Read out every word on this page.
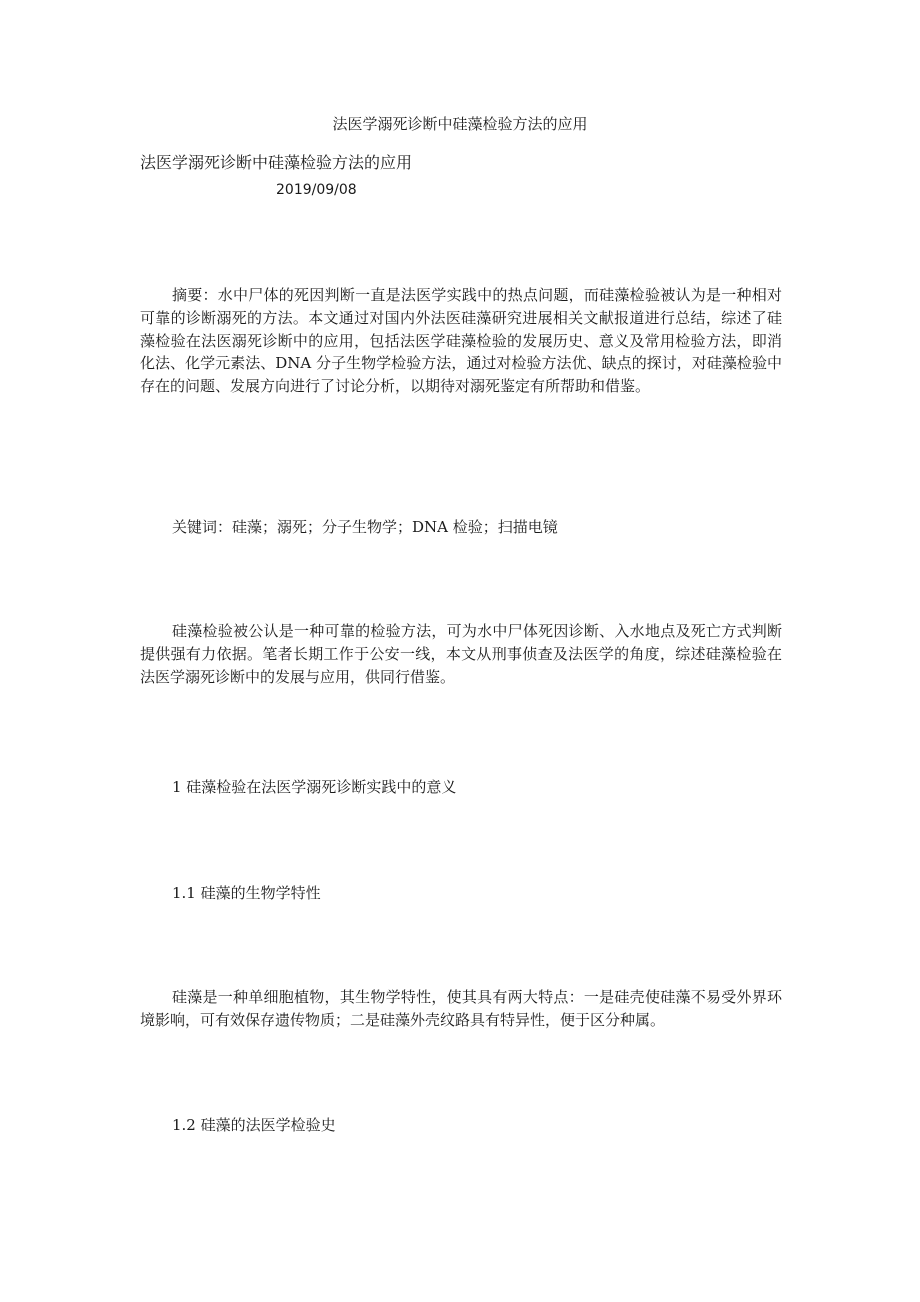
法医学溺死诊断中硅藻检验方法的应用
法医学溺死诊断中硅藻检验方法的应用
2019/09/08

摘要：水中尸体的死因判断一直是法医学实践中的热点问题，而硅藻检验被认为是一种相对可靠的诊断溺死的方法。本文通过对国内外法医硅藻研究进展相关文献报道进行总结，综述了硅藻检验在法医溺死诊断中的应用，包括法医学硅藻检验的发展历史、意义及常用检验方法，即消化法、化学元素法、DNA 分子生物学检验方法，通过对检验方法优、缺点的探讨，对硅藻检验中存在的问题、发展方向进行了讨论分析，以期待对溺死鉴定有所帮助和借鉴。

关键词：硅藻；溺死；分子生物学；DNA 检验；扫描电镜

硅藻检验被公认是一种可靠的检验方法，可为水中尸体死因诊断、入水地点及死亡方式判断提供强有力依据。笔者长期工作于公安一线，本文从刑事侦查及法医学的角度，综述硅藻检验在法医学溺死诊断中的发展与应用，供同行借鉴。

1 硅藻检验在法医学溺死诊断实践中的意义

1.1 硅藻的生物学特性

硅藻是一种单细胞植物，其生物学特性，使其具有两大特点：一是硅壳使硅藻不易受外界环境影响，可有效保存遗传物质；二是硅藻外壳纹路具有特异性，便于区分种属。

1.2 硅藻的法医学检验史
